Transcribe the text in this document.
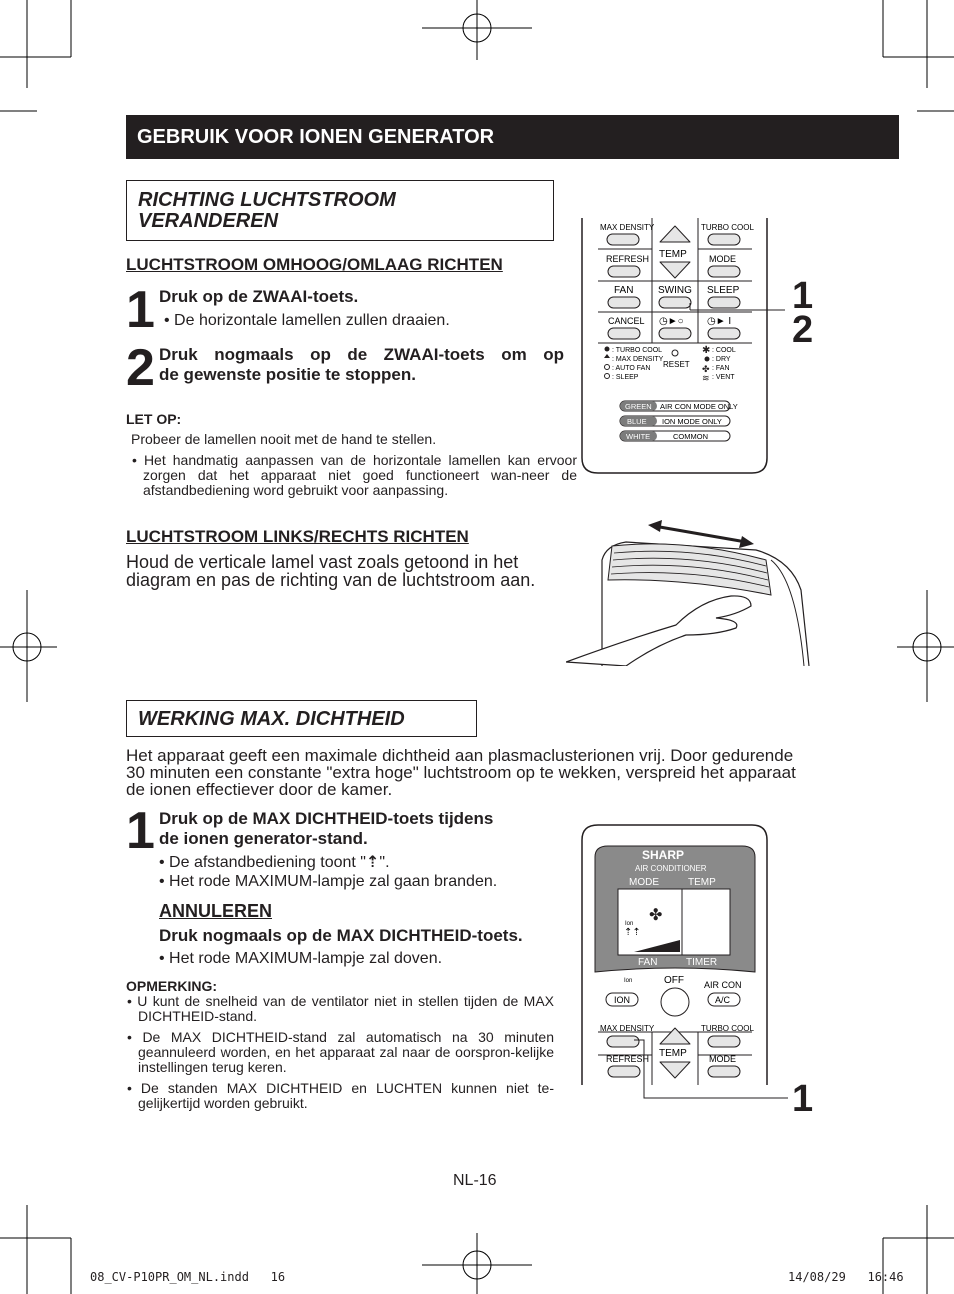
GEBRUIK VOOR IONEN GENERATOR
RICHTING LUCHTSTROOM
VERANDEREN
LUCHTSTROOM OMHOOG/OMLAAG RICHTEN
1 Druk op de ZWAAI-toets.
• De horizontale lamellen zullen draaien.
2 Druk nogmaals op de ZWAAI-toets om op
de gewenste positie te stoppen.
LET OP:
Probeer de lamellen nooit met de hand te stellen.
• Het handmatig aanpassen van de horizontale lamellen kan ervoor zorgen dat het apparaat niet goed functioneert wan-neer de afstandbediening word gebruikt voor aanpassing.
LUCHTSTROOM LINKS/RECHTS RICHTEN
Houd de verticale lamel vast zoals getoond in het
diagram en pas de richting van de luchtstroom aan.
MAX DENSITY	TURBO COOL
TEMP
REFRESH	MODE
FAN SWING SLEEP
CANCEL ◷►○ ◷► I
: TURBO COOL
: MAX DENSITY
: AUTO FAN
: SLEEP
: COOL
: DRY
: FAN
: VENT
✱
✤
≋
RESET
GREEN AIR CON MODE ONLY
BLUE ION MODE ONLY
WHITE	COMMON
1
2
WERKING MAX. DICHTHEID
Het apparaat geeft een maximale dichtheid aan plasmaclusterionen vrij. Door gedurende
30 minuten een constante "extra hoge" luchtstroom op te wekken, verspreid het apparaat
de ionen effectiever door de kamer.
1 Druk op de MAX DICHTHEID-toets tijdens
de ionen generator-stand.
• De afstandbediening toont "⇡".
• Het rode MAXIMUM-lampje zal gaan branden.
ANNULEREN
Druk nogmaals op de MAX DICHTHEID-toets.
• Het rode MAXIMUM-lampje zal doven.
OPMERKING:
• U kunt de snelheid van de ventilator niet in stellen tijden de MAX DICHTHEID-stand.
• De MAX DICHTHEID-stand zal automatisch na 30 minuten geannuleerd worden, en het apparaat zal naar de oorspron-kelijke instellingen terug keren.
• De standen MAX DICHTHEID en LUCHTEN kunnen niet te-gelijkertijd worden gebruikt.
SHARP
AIR CONDITIONER
MODE	TEMP
✤
Ion
⇡⇡
FAN	TIMER
Ion
ION
OFF AIR CON
A/C
MAX DENSITY	TURBO COOL
TEMP
REFRESH	MODE
1
NL-16
08_CV-P10PR_OM_NL.indd   16	14/08/29   16:46
